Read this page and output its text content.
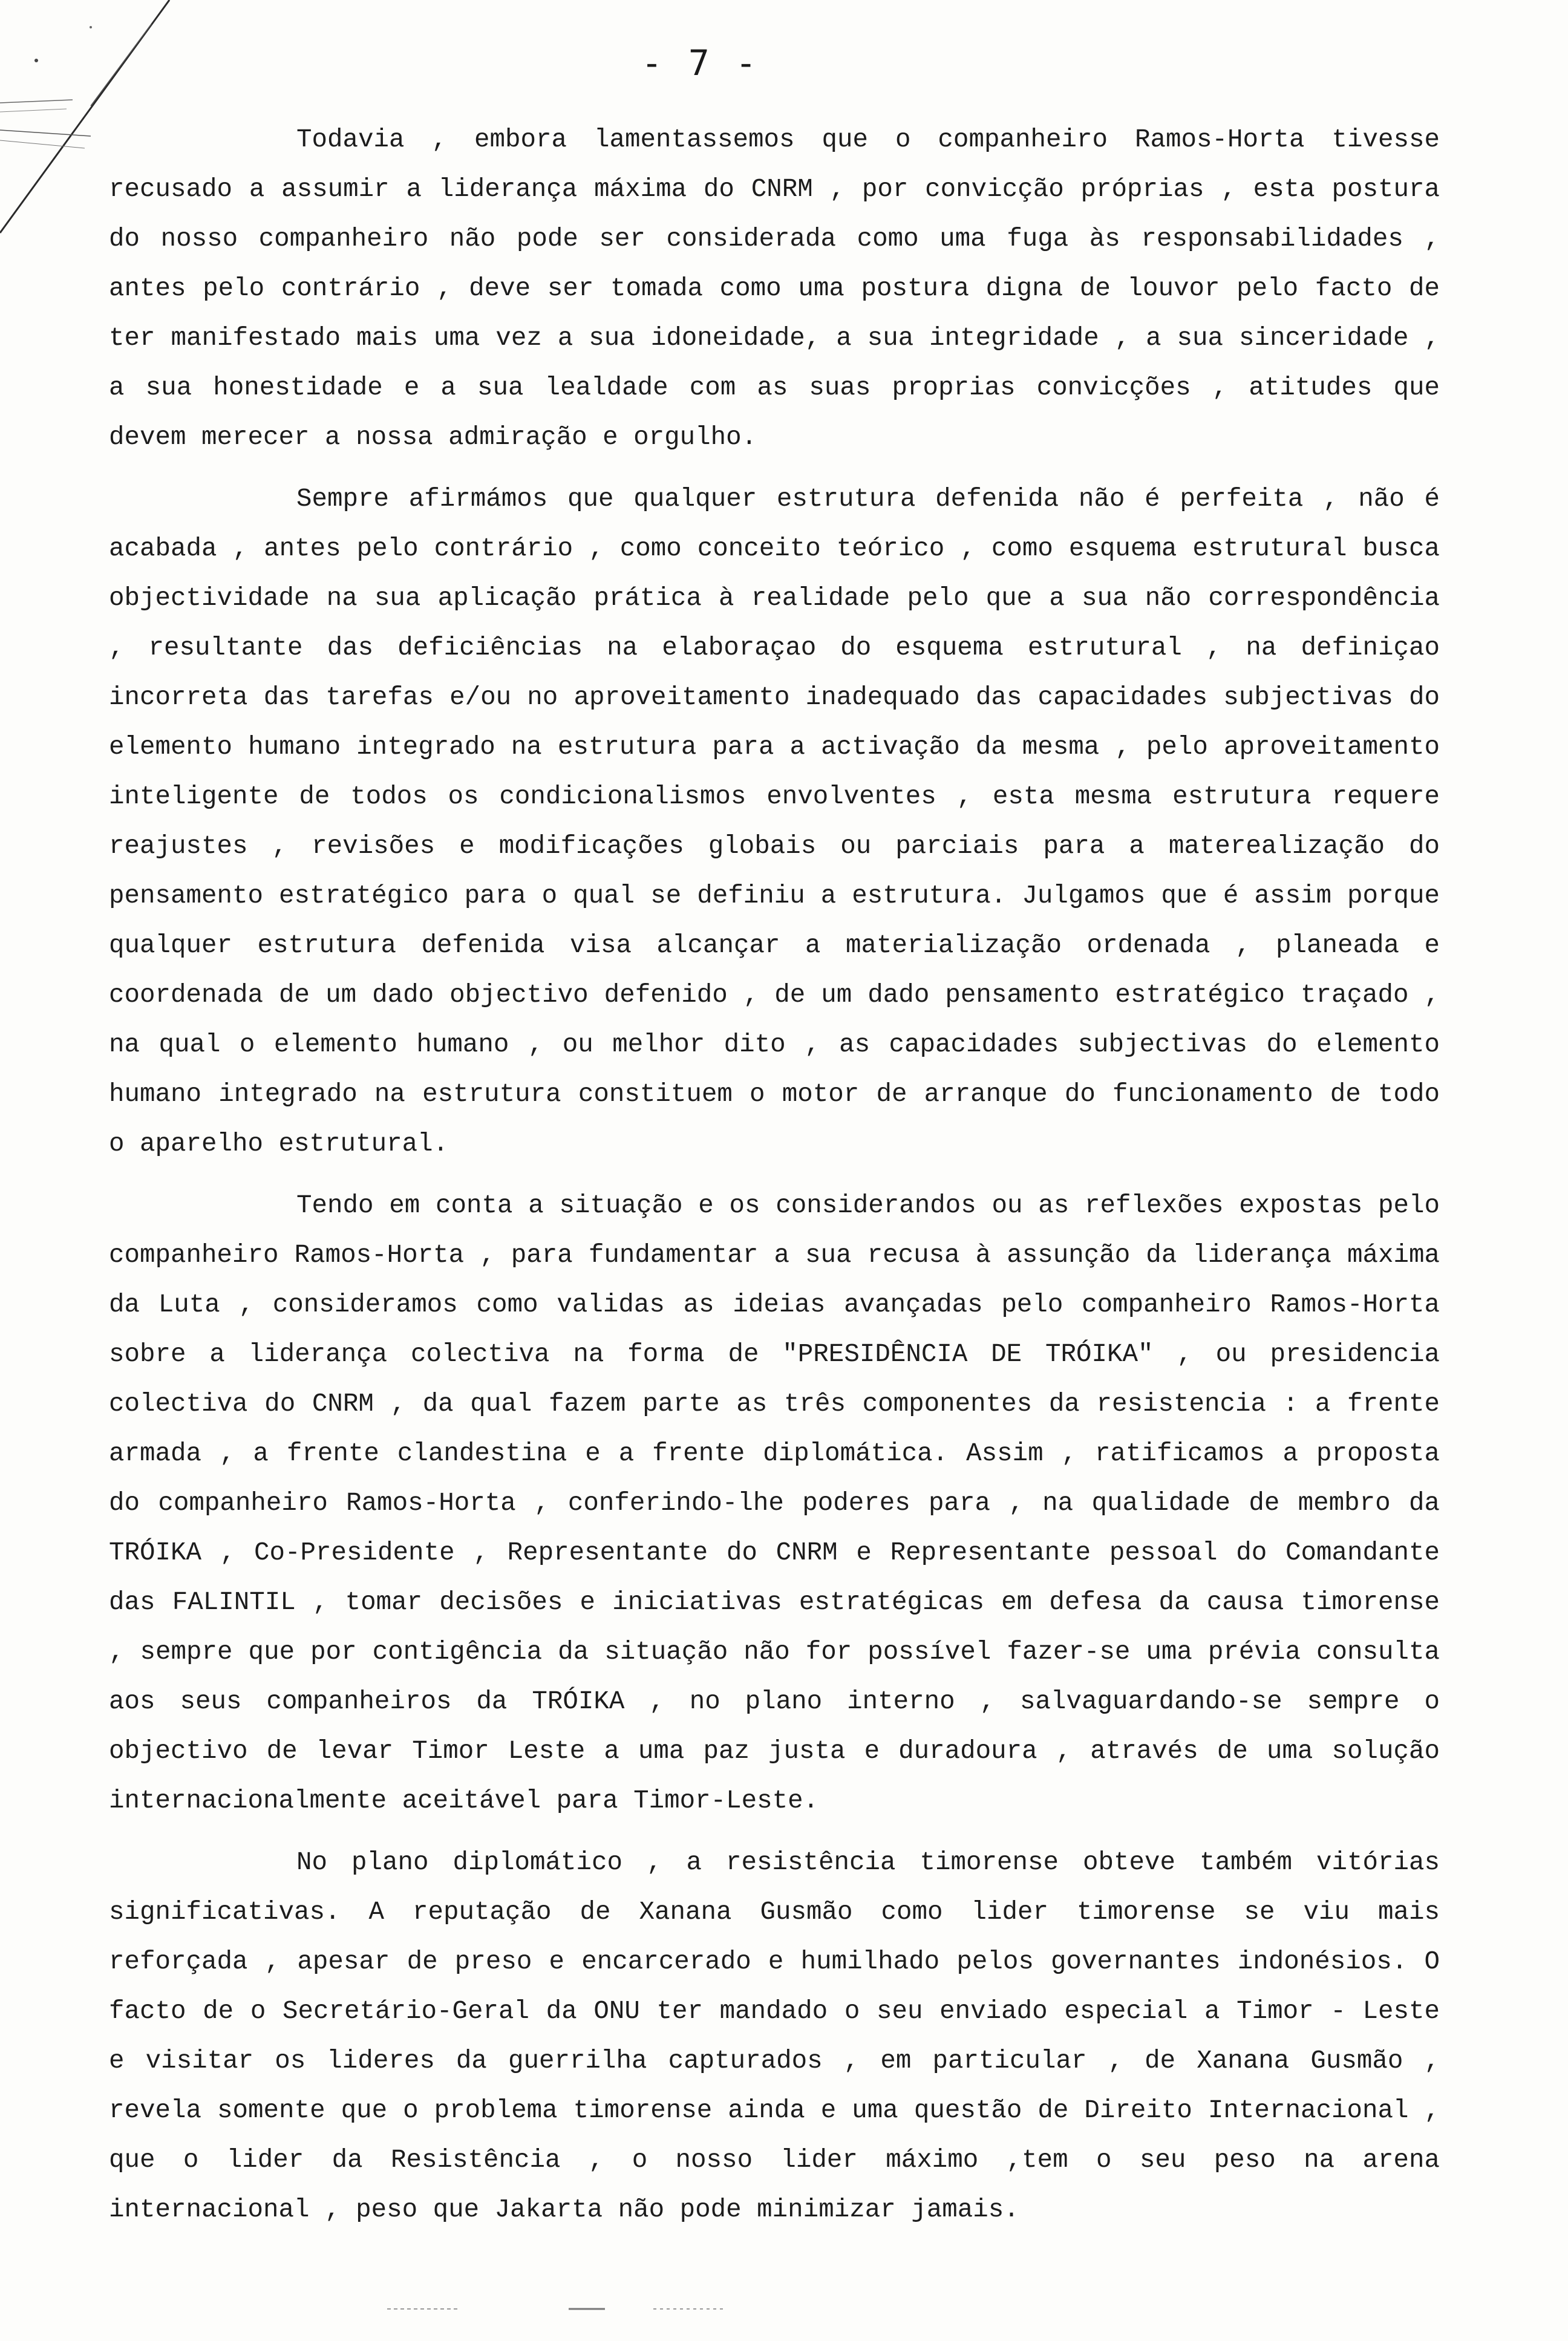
- 7 -

Todavia , embora lamentassemos que o companheiro Ramos-Horta tivesse recusado a assumir a liderança máxima do CNRM , por convicção próprias , esta postura do nosso companheiro não pode ser considerada como uma fuga às responsabilidades , antes pelo contrário , deve ser tomada como uma postura digna de louvor pelo facto de ter manifestado mais uma vez a sua idoneidade, a sua integridade , a sua sinceridade , a sua honestidade e a sua lealdade com as suas proprias convicções , atitudes que devem merecer a nossa admiração e orgulho.

Sempre afirmámos que qualquer estrutura defenida não é perfeita , não é acabada , antes pelo contrário , como conceito teórico , como esquema estrutural busca objectividade na sua aplicação prática à realidade pelo que a sua não correspondência , resultante das deficiências na elaboraçao do esquema estrutural , na definiçao incorreta das tarefas e/ou no aproveitamento inadequado das capacidades subjectivas do elemento humano integrado na estrutura para a activação da mesma , pelo aproveitamento inteligente de todos os condicionalismos envolventes , esta mesma estrutura requere reajustes , revisões e modificações globais ou parciais para a materealização do pensamento estratégico para o qual se definiu a estrutura. Julgamos que é assim porque qualquer estrutura defenida visa alcançar a materialização ordenada , planeada e coordenada de um dado objectivo defenido , de um dado pensamento estratégico traçado , na qual o elemento humano , ou melhor dito , as capacidades subjectivas do elemento humano integrado na estrutura constituem o motor de arranque do funcionamento de todo o aparelho estrutural.

Tendo em conta a situação e os considerandos ou as reflexões expostas pelo companheiro Ramos-Horta , para fundamentar a sua recusa à assunção da liderança máxima da Luta , consideramos como validas as ideias avançadas pelo companheiro Ramos-Horta sobre a liderança colectiva na forma de "PRESIDÊNCIA DE TRÓIKA" , ou presidencia colectiva do CNRM , da qual fazem parte as três componentes da resistencia : a frente armada , a frente clandestina e a frente diplomática. Assim , ratificamos a proposta do companheiro Ramos-Horta , conferindo-lhe poderes para , na qualidade de membro da TRÓIKA , Co-Presidente , Representante do CNRM e Representante pessoal do Comandante das FALINTIL , tomar decisões e iniciativas estratégicas em defesa da causa timorense , sempre que por contigência da situação não for possível fazer-se uma prévia consulta aos seus companheiros da TRÓIKA , no plano interno , salvaguardando-se sempre o objectivo de levar Timor Leste a uma paz justa e duradoura , através de uma solução internacionalmente aceitável para Timor-Leste.

No plano diplomático , a resistência timorense obteve também vitórias significativas. A reputação de Xanana Gusmão como lider timorense se viu mais reforçada , apesar de preso e encarcerado e humilhado pelos governantes indonésios. O facto de o Secretário-Geral da ONU ter mandado o seu enviado especial a Timor - Leste e visitar os lideres da guerrilha capturados , em particular , de Xanana Gusmão , revela somente que o problema timorense ainda e uma questão de Direito Internacional , que o lider da Resistência , o nosso lider máximo ,tem o seu peso na arena internacional , peso que Jakarta não pode minimizar jamais.
